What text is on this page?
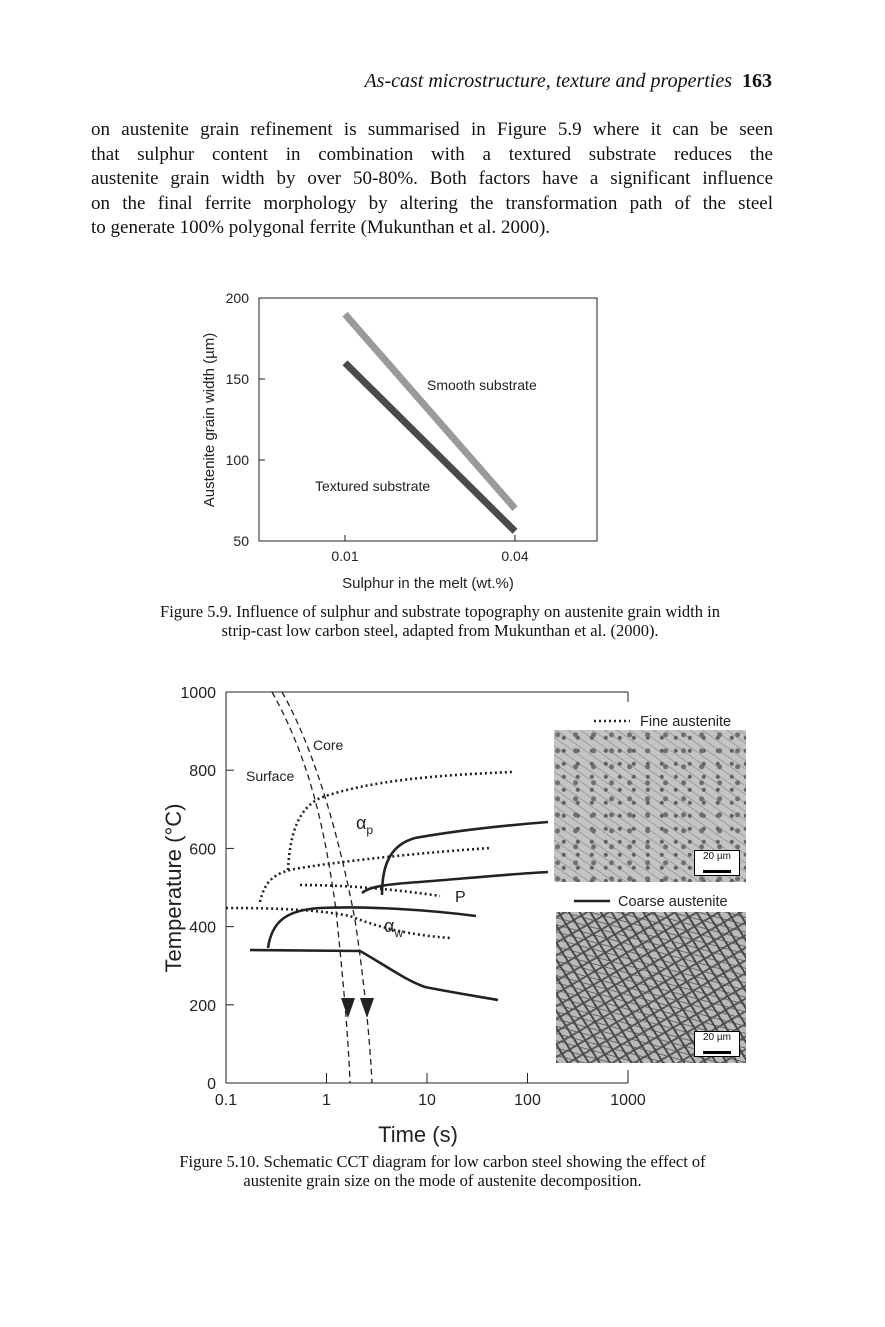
As-cast microstructure, texture and properties 163
on austenite grain refinement is summarised in Figure 5.9 where it can be seen
that sulphur content in combination with a textured substrate reduces the
austenite grain width by over 50-80%. Both factors have a significant influence
on the final ferrite morphology by altering the transformation path of the steel
to generate 100% polygonal ferrite (Mukunthan et al. 2000).
50
100
150
200
0.01	0.04
Smooth substrate
Textured substrate
Sulphur in the melt (wt.%)
Austenite grain width (µm)
Figure 5.9. Influence of sulphur and substrate topography on austenite grain width in
strip-cast low carbon steel, adapted from Mukunthan et al. (2000).
0
200
400
600
800
1000
0.1	1	10	100	1000
Core
Surface
$\alpha_p$
P
$\alpha_w$
Fine austenite
Coarse austenite
Time (s)
Temperature (°C)	20 µm
20 µm
Figure 5.10. Schematic CCT diagram for low carbon steel showing the effect of
austenite grain size on the mode of austenite decomposition.
